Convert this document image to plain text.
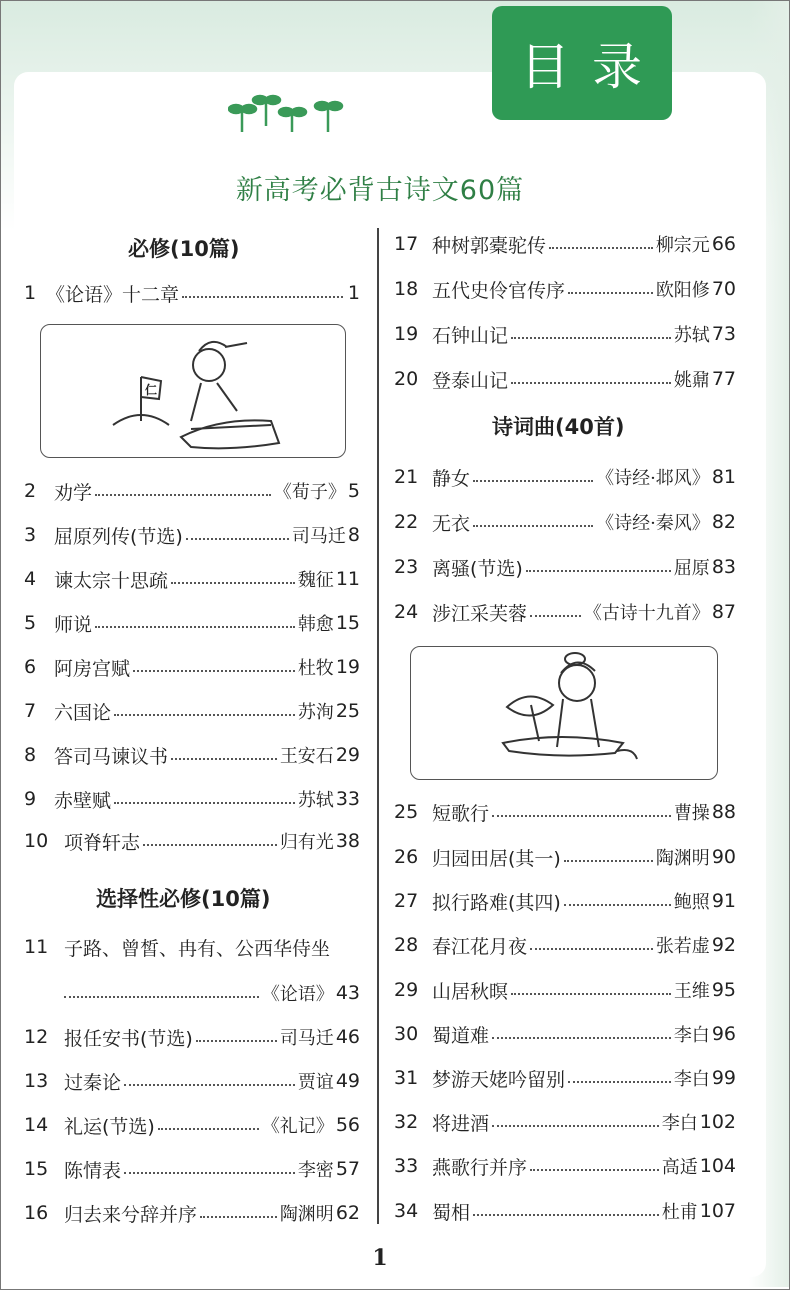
目录
新高考必背古诗文60篇
必修(10篇)
选择性必修(10篇)
诗词曲(40首)
1 《论语》十二章	1
仁
2 劝学	《荀子》 5
3 屈原列传(节选)	司马迁 8
4 谏太宗十思疏	魏征 11
5 师说	韩愈 15
6 阿房宫赋	杜牧 19
7 六国论	苏洵 25
8 答司马谏议书	王安石 29
9 赤壁赋	苏轼 33
10 项脊轩志	归有光 38
11 子路、曾皙、冉有、公西华侍坐
《论语》 43
12 报任安书(节选)	司马迁 46
13 过秦论	贾谊 49
14 礼运(节选)	《礼记》 56
15 陈情表	李密 57
16 归去来兮辞并序	陶渊明 62
17 种树郭橐驼传	柳宗元 66
18 五代史伶官传序	欧阳修 70
19 石钟山记	苏轼 73
20 登泰山记	姚鼐 77
21 静女	《诗经·邶风》 81
22 无衣	《诗经·秦风》 82
23 离骚(节选)	屈原 83
24 涉江采芙蓉	《古诗十九首》 87
25 短歌行	曹操 88
26 归园田居(其一)	陶渊明 90
27 拟行路难(其四)	鲍照 91
28 春江花月夜	张若虚 92
29 山居秋暝	王维 95
30 蜀道难	李白 96
31 梦游天姥吟留别	李白 99
32 将进酒	李白 102
33 燕歌行并序	高适 104
34 蜀相	杜甫 107
1
